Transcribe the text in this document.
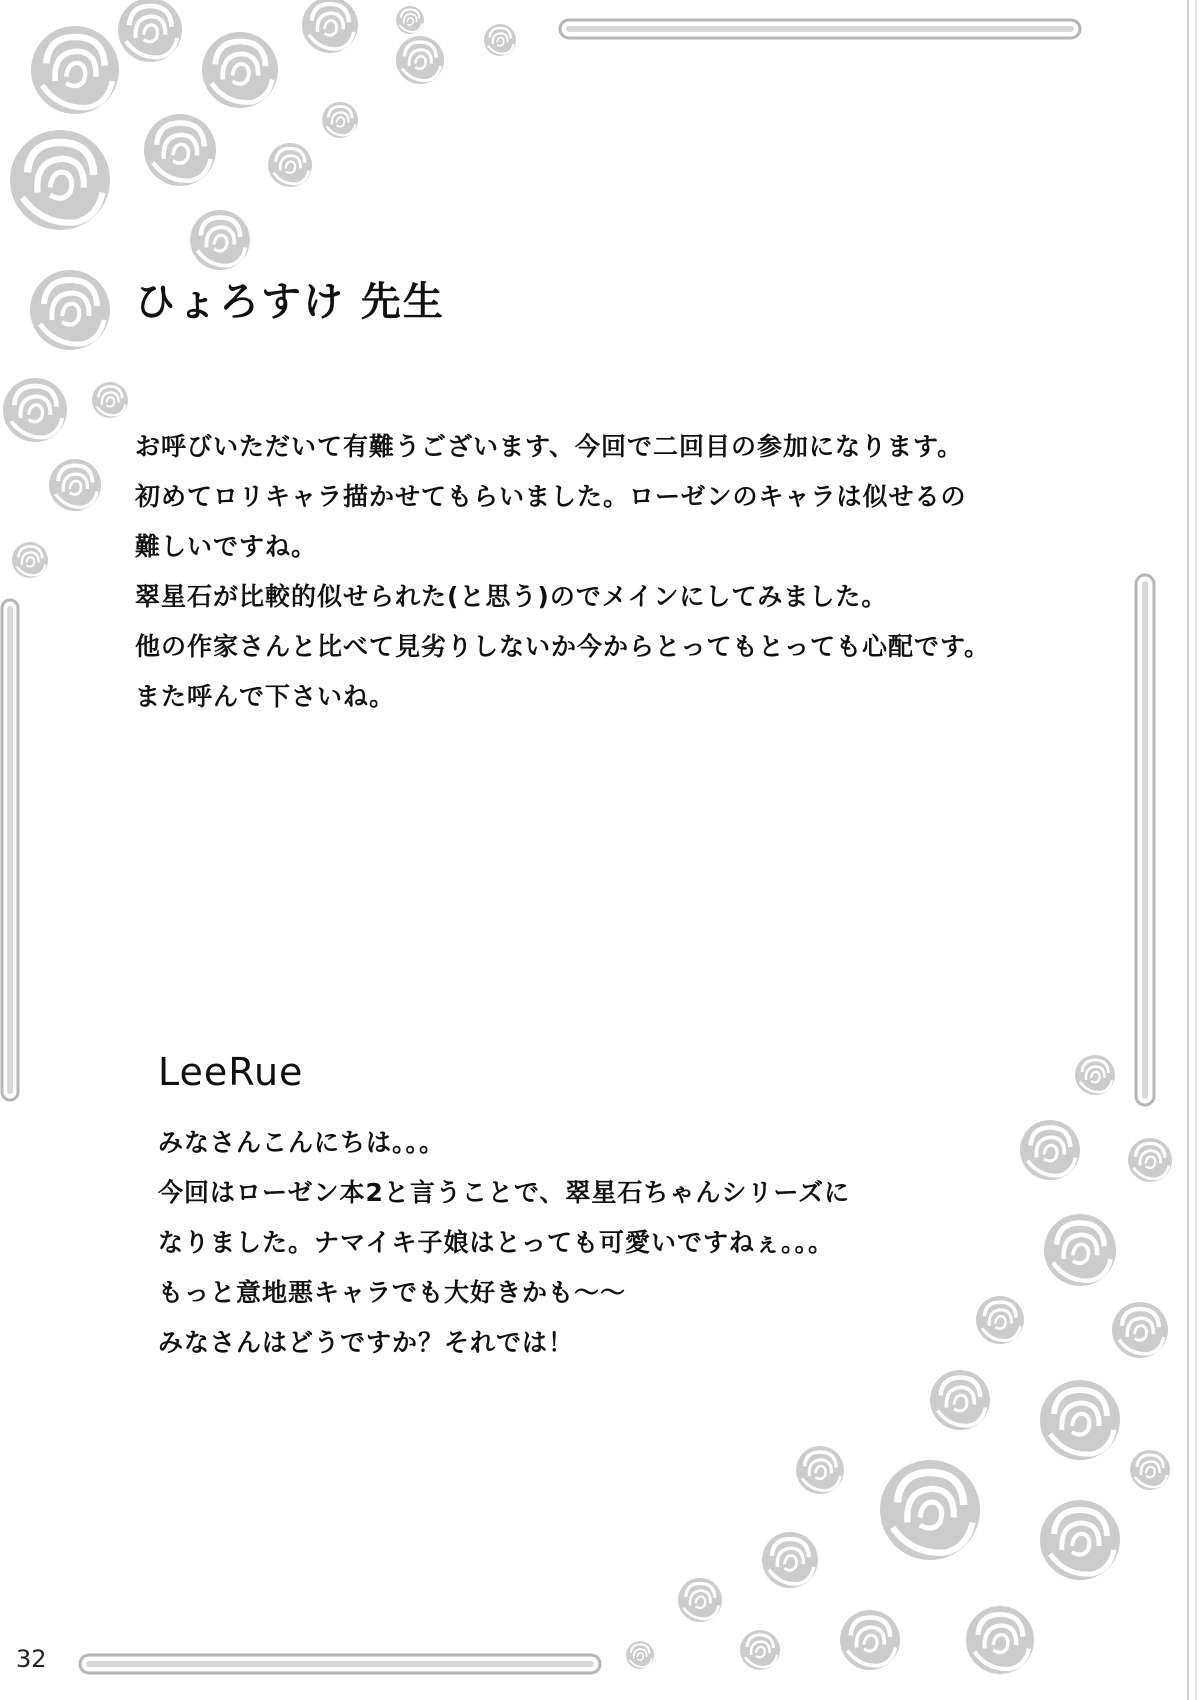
ひょろすけ 先生
お呼びいただいて有難うございます、今回で二回目の参加になります。
初めてロリキャラ描かせてもらいました。ローゼンのキャラは似せるの
難しいですね。
翠星石が比較的似せられた(と思う)のでメインにしてみました。
他の作家さんと比べて見劣りしないか今からとってもとっても心配です。
また呼んで下さいね。
LeeRue
みなさんこんにちは。。。
今回はローゼン本2と言うことで、翠星石ちゃんシリーズに
なりました。ナマイキ子娘はとっても可愛いですねぇ。。。
もっと意地悪キャラでも大好きかも～～
みなさんはどうですか？それでは！
32
